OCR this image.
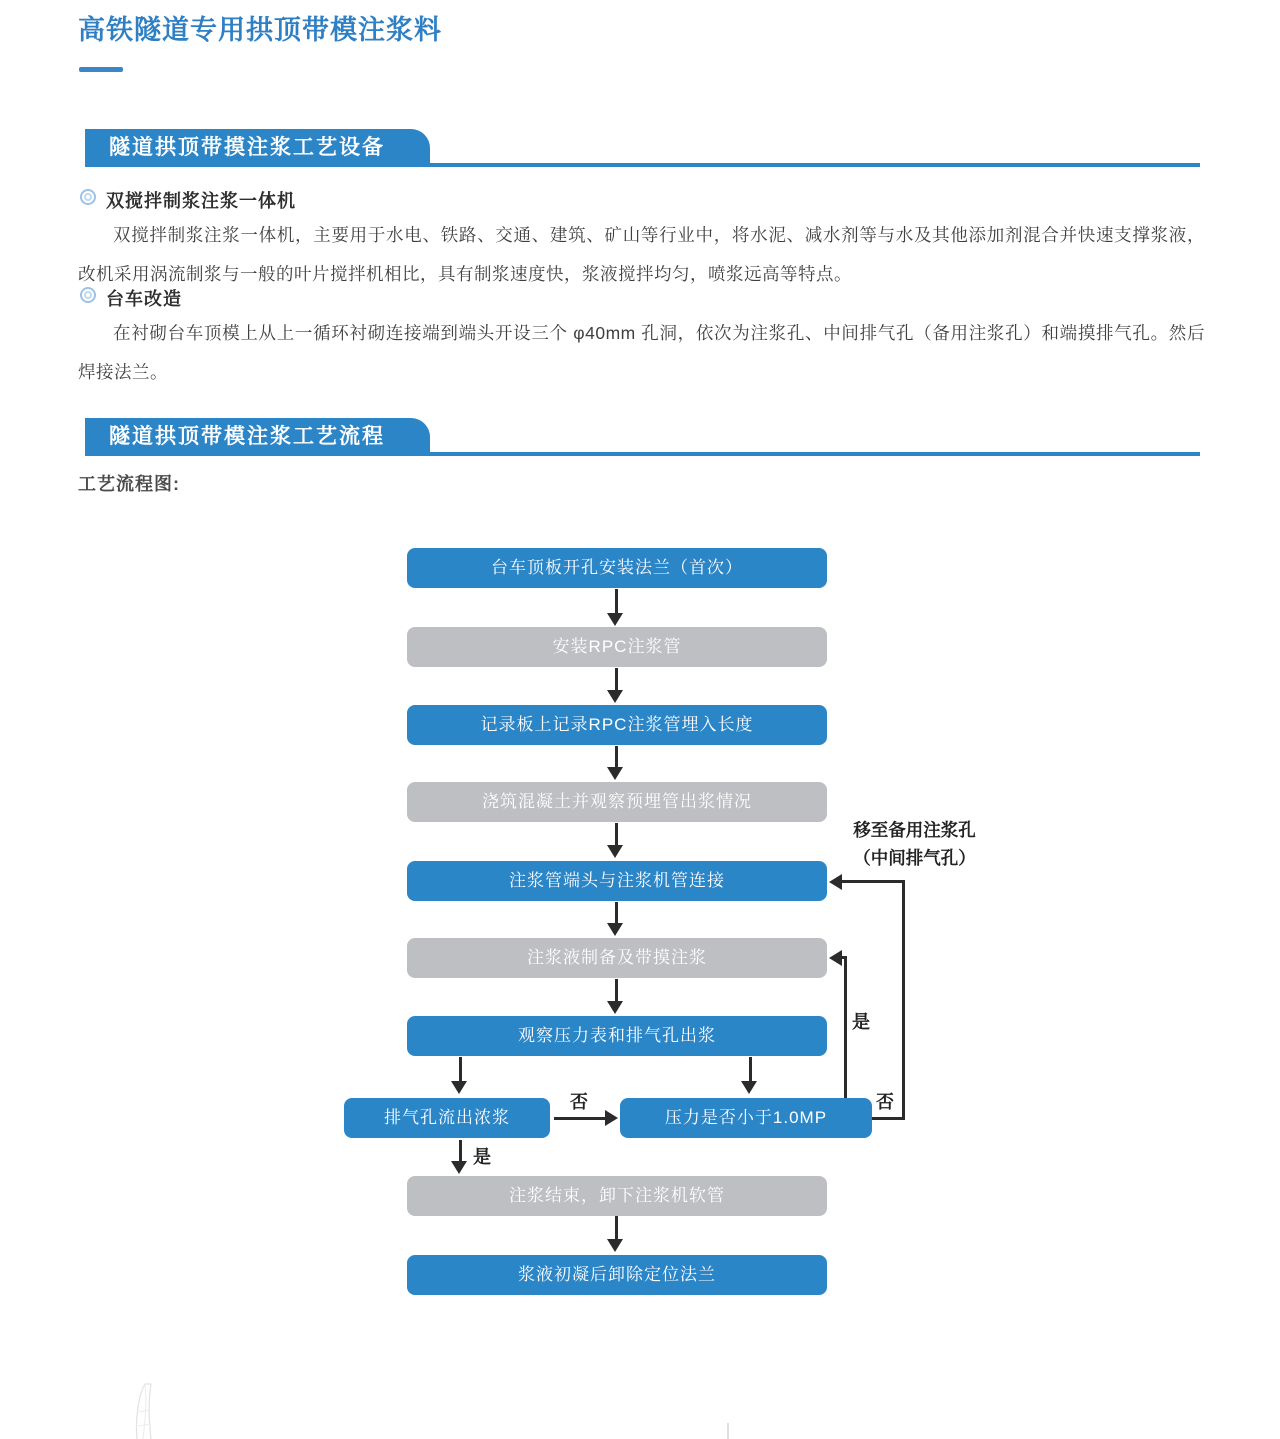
高铁隧道专用拱顶带模注浆料
隧道拱顶带摸注浆工艺设备
双搅拌制浆注浆一体机

双搅拌制浆注浆一体机，主要用于水电、铁路、交通、建筑、矿山等行业中，将水泥、减水剂等与水及其他添加剂混合并快速支撑浆液，改机采用涡流制浆与一般的叶片搅拌机相比，具有制浆速度快，浆液搅拌均匀，喷浆远高等特点。

台车改造

在衬砌台车顶模上从上一循环衬砌连接端到端头开设三个 φ40mm 孔洞，依次为注浆孔、中间排气孔（备用注浆孔）和端摸排气孔。然后焊接法兰。

隧道拱顶带模注浆工艺流程
工艺流程图:
台车顶板开孔安装法兰（首次）
安装RPC注浆管
记录板上记录RPC注浆管埋入长度
浇筑混凝土并观察预埋管出浆情况
注浆管端头与注浆机管连接
注浆液制备及带摸注浆
观察压力表和排气孔出浆
排气孔流出浓浆	压力是否小于1.0MP
注浆结束，卸下注浆机软管
浆液初凝后卸除定位法兰
否
是
是
否
移至备用注浆孔
（中间排气孔）
